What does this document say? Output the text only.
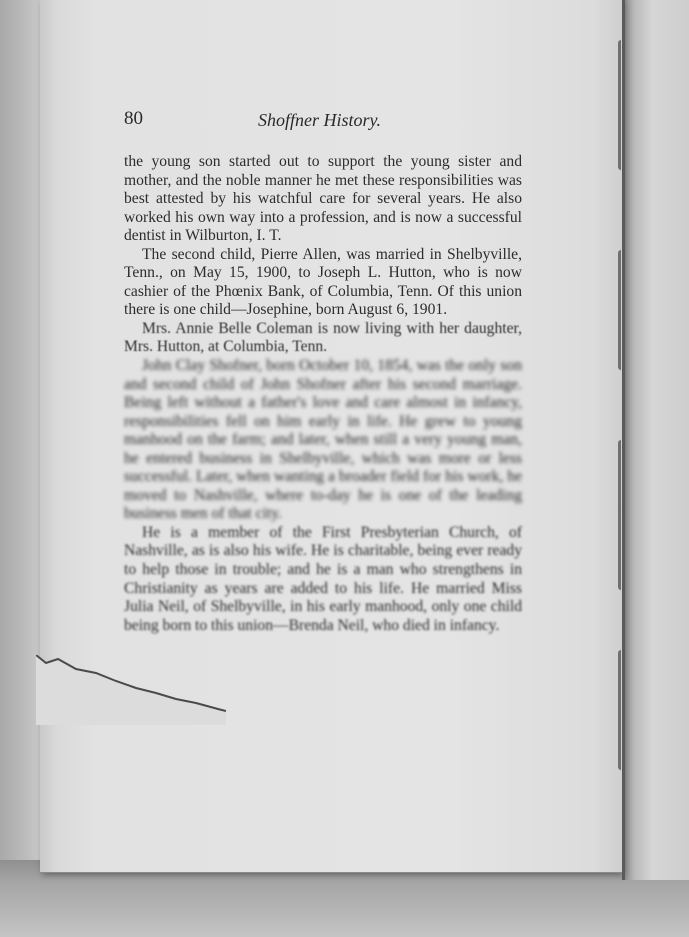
80	Shoffner History.

the young son started out to support the young sister and mother, and the noble manner he met these responsibilities was best attested by his watchful care for several years. He also worked his own way into a profession, and is now a successful dentist in Wilburton, I. T.

The second child, Pierre Allen, was married in Shelbyville, Tenn., on May 15, 1900, to Joseph L. Hutton, who is now cashier of the Phœnix Bank, of Columbia, Tenn. Of this union there is one child—Josephine, born August 6, 1901.

Mrs. Annie Belle Coleman is now living with her daughter, Mrs. Hutton, at Columbia, Tenn.

John Clay Shofner, born October 10, 1854, was the only son and second child of John Shofner after his second marriage. Being left without a father's love and care almost in infancy, responsibilities fell on him early in life. He grew to young manhood on the farm; and later, when still a very young man, he entered business in Shelbyville, which was more or less successful. Later, when wanting a broader field for his work, he moved to Nashville, where to-day he is one of the leading business men of that city.

He is a member of the First Presbyterian Church, of Nashville, as is also his wife. He is charitable, being ever ready to help those in trouble; and he is a man who strengthens in Christianity as years are added to his life. He married Miss Julia Neil, of Shelbyville, in his early manhood, only one child being born to this union—Brenda Neil, who died in infancy.
